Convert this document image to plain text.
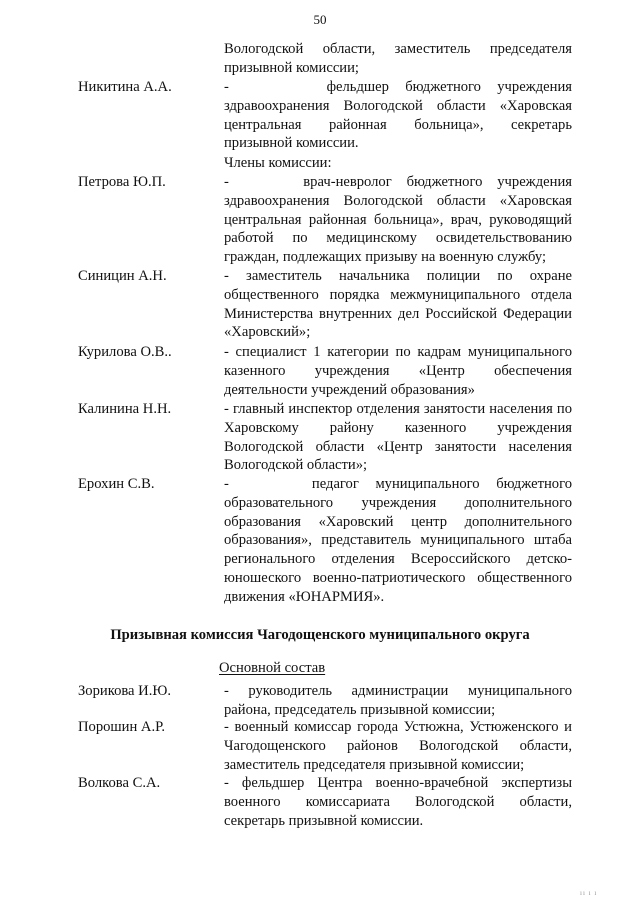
50
Вологодской области, заместитель председателя призывной комиссии;
Никитина А.А.	-      фельдшер бюджетного учреждения здравоохранения Вологодской области «Харовская центральная районная больница», секретарь призывной комиссии.
Члены комиссии:
Петрова Ю.П.	-     врач-невролог бюджетного учреждения здравоохранения Вологодской области «Харовская центральная районная больница», врач, руководящий работой по медицинскому освидетельствованию граждан, подлежащих призыву на военную службу;
Синицин А.Н.	- заместитель начальника полиции по охране общественного порядка межмуниципального отдела Министерства внутренних дел Российской Федерации «Харовский»;
Курилова О.В..	- специалист 1 категории по кадрам муниципального казенного учреждения «Центр обеспечения деятельности учреждений образования»
Калинина Н.Н.	- главный инспектор отделения занятости населения по Харовскому району казенного учреждения Вологодской области «Центр занятости населения Вологодской области»;
Ерохин С.В.	-     педагог муниципального бюджетного образовательного учреждения дополнительного образования «Харовский центр дополнительного образования», представитель муниципального штаба регионального отделения Всероссийского детско-юношеского военно-патриотического общественного движения «ЮНАРМИЯ».
Призывная комиссия Чагодощенского муниципального округа
Основной состав
Зорикова И.Ю.	- руководитель администрации муниципального района, председатель призывной комиссии;
Порошин А.Р.	- военный комиссар города Устюжна, Устюженского и Чагодощенского районов Вологодской области, заместитель председателя призывной комиссии;
Волкова С.А.	- фельдшер Центра военно-врачебной экспертизы военного комиссариата Вологодской области, секретарь призывной комиссии.
ıı ı ı
